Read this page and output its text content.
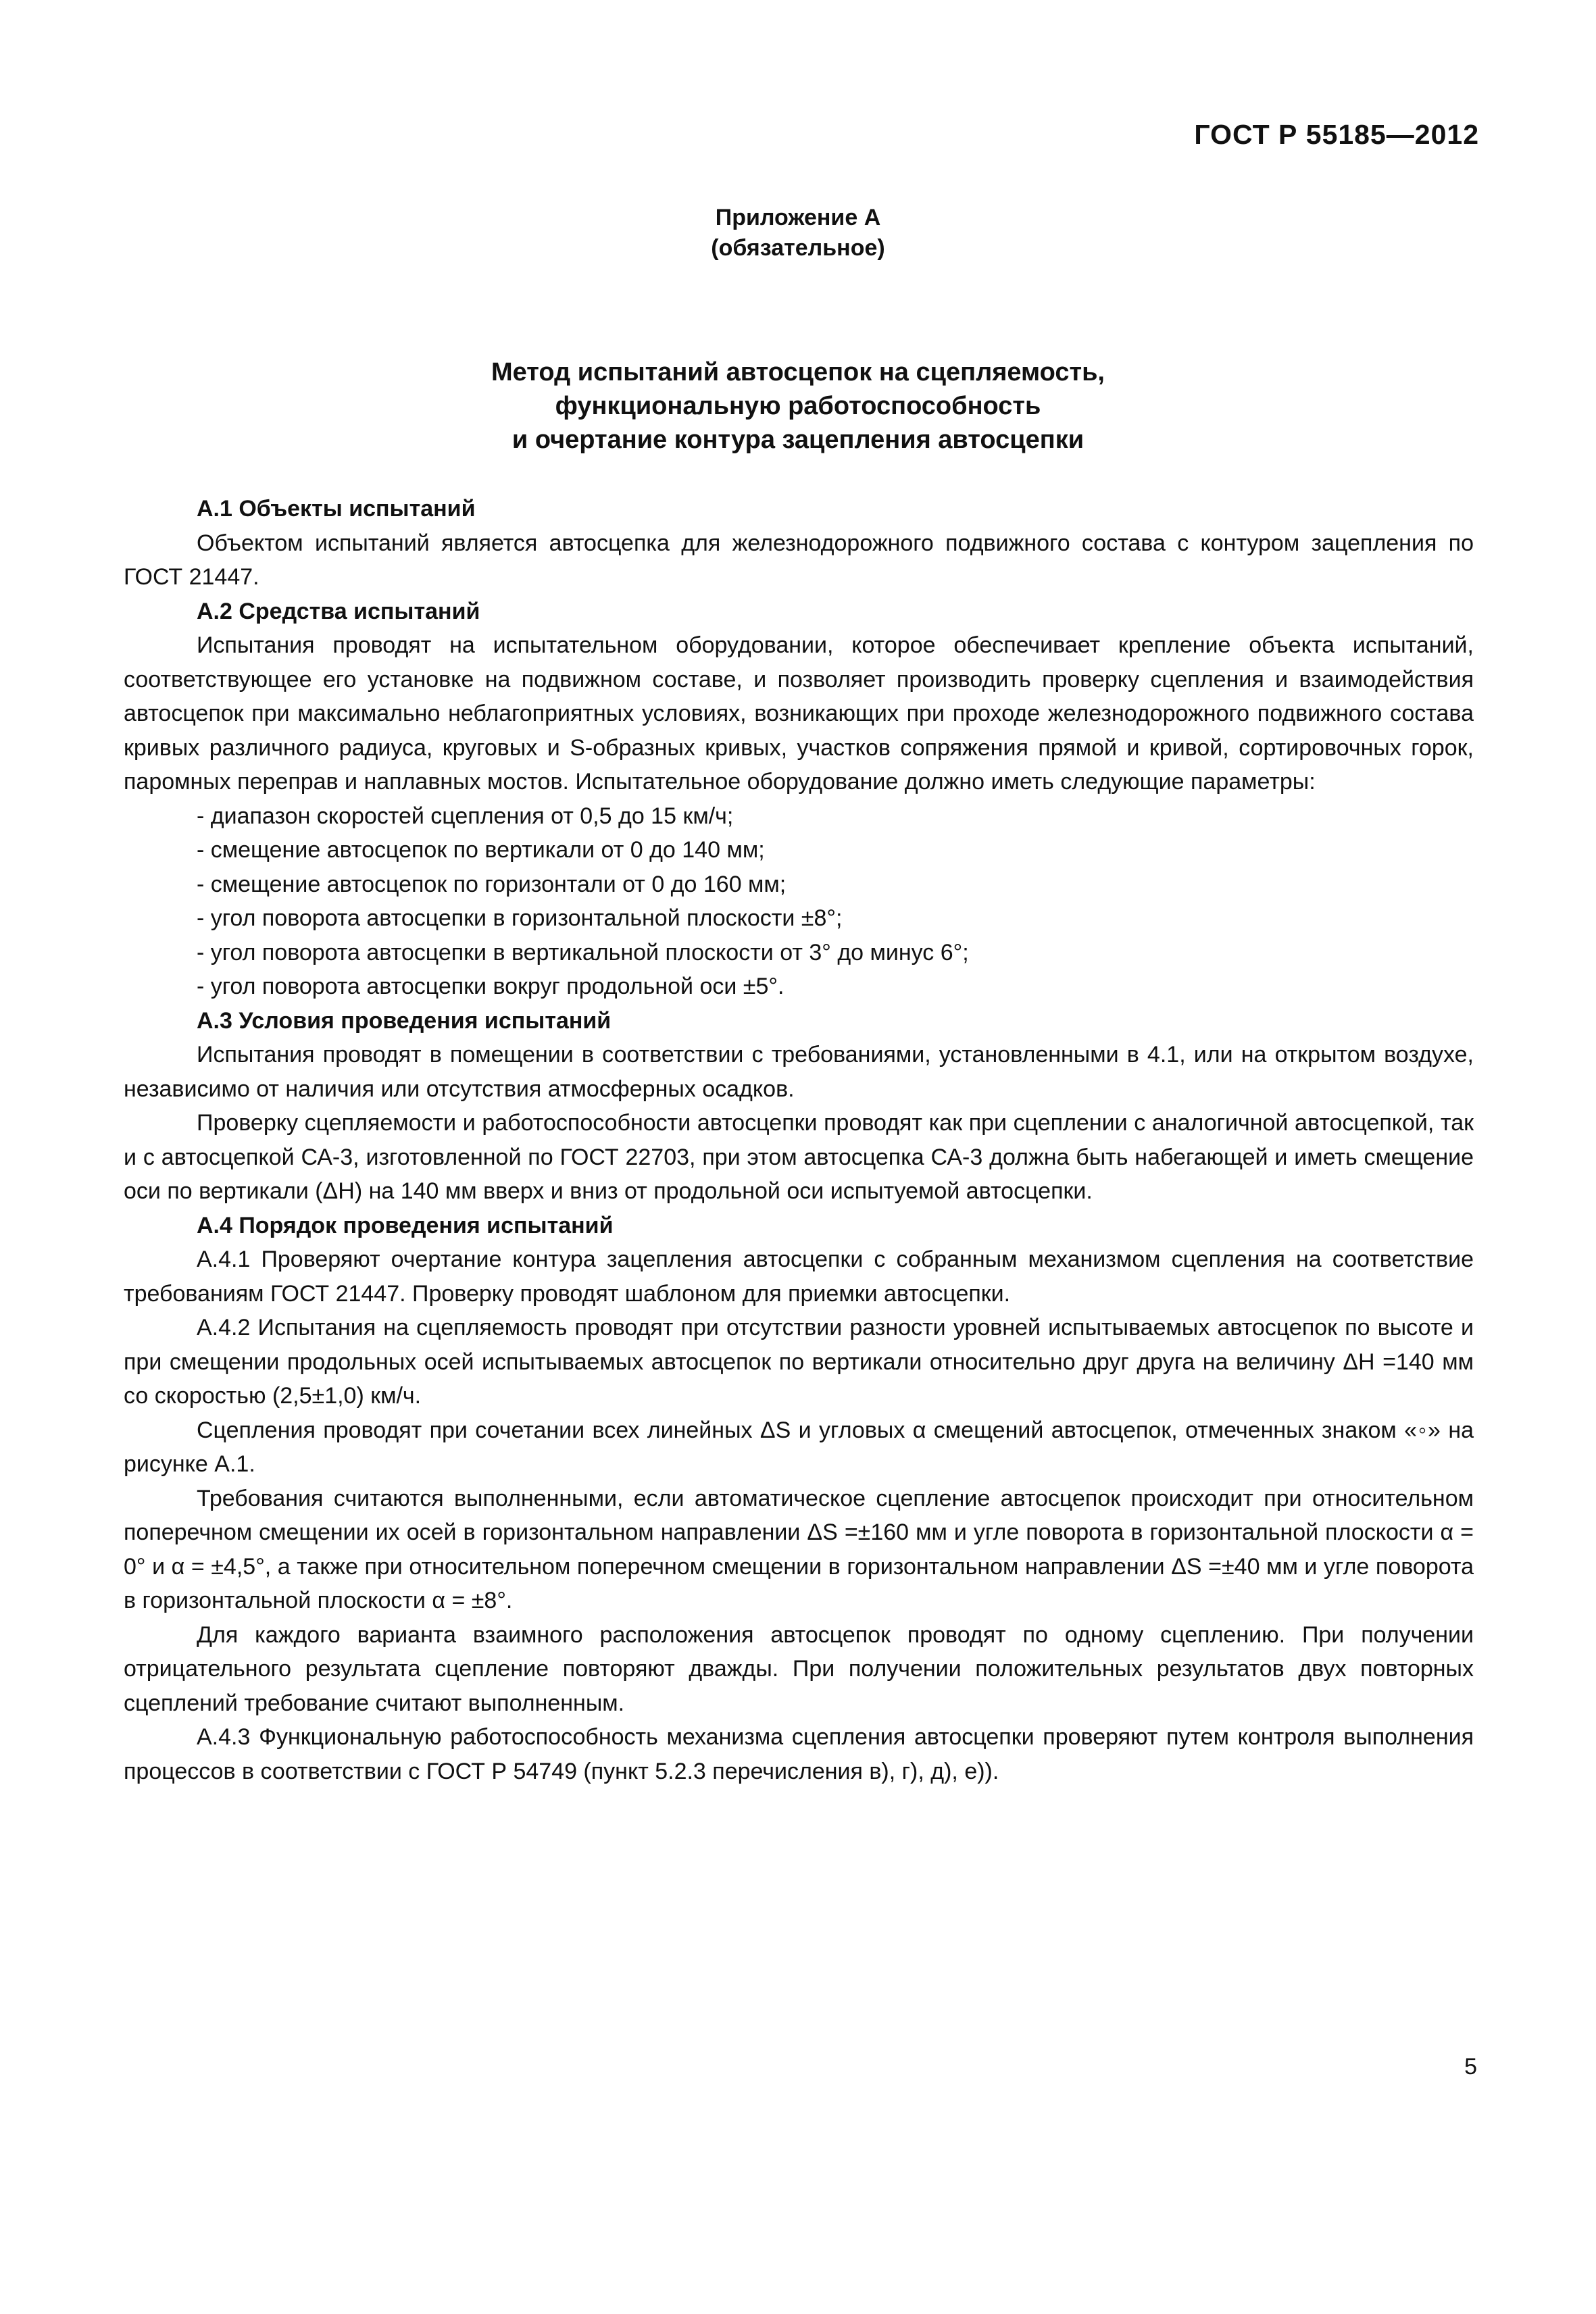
ГОСТ Р 55185—2012
Приложение А
(обязательное)
Метод испытаний автосцепок на сцепляемость,
функциональную работоспособность
и очертание контура зацепления автосцепки

А.1 Объекты испытаний

Объектом испытаний является автосцепка для железнодорожного подвижного состава с контуром зацепления по ГОСТ 21447.

А.2 Средства испытаний

Испытания проводят на испытательном оборудовании, которое обеспечивает крепление объекта испытаний, соответствующее его установке на подвижном составе, и позволяет производить проверку сцепления и взаимодействия автосцепок при максимально неблагоприятных условиях, возникающих при проходе железнодорожного подвижного состава кривых различного радиуса, круговых и S-образных кривых, участков сопряжения прямой и кривой, сортировочных горок, паромных переправ и наплавных мостов. Испытательное оборудование должно иметь следующие параметры:

- диапазон скоростей сцепления от 0,5 до 15 км/ч;

- смещение автосцепок по вертикали от 0 до 140 мм;

- смещение автосцепок по горизонтали от 0 до 160 мм;

- угол поворота автосцепки в горизонтальной плоскости ±8°;

- угол поворота автосцепки в вертикальной плоскости от 3° до минус 6°;

- угол поворота автосцепки вокруг продольной оси ±5°.

А.3 Условия проведения испытаний

Испытания проводят в помещении в соответствии с требованиями, установленными в 4.1, или на открытом воздухе, независимо от наличия или отсутствия атмосферных осадков.

Проверку сцепляемости и работоспособности автосцепки проводят как при сцеплении с аналогичной автосцепкой, так и с автосцепкой СА-3, изготовленной по ГОСТ 22703, при этом автосцепка СА-3 должна быть набегающей и иметь смещение оси по вертикали (ΔН) на 140 мм вверх и вниз от продольной оси испытуемой автосцепки.

А.4 Порядок проведения испытаний

А.4.1 Проверяют очертание контура зацепления автосцепки с собранным механизмом сцепления на соответствие требованиям ГОСТ 21447. Проверку проводят шаблоном для приемки автосцепки.

А.4.2 Испытания на сцепляемость проводят при отсутствии разности уровней испытываемых автосцепок по высоте и при смещении продольных осей испытываемых автосцепок по вертикали относительно друг друга на величину ΔН =140 мм со скоростью (2,5±1,0) км/ч.

Сцепления проводят при сочетании всех линейных ΔS и угловых α смещений автосцепок, отмеченных знаком «◦» на рисунке А.1.

Требования считаются выполненными, если автоматическое сцепление автосцепок происходит при относительном поперечном смещении их осей в горизонтальном направлении ΔS =±160 мм и угле поворота в горизонтальной плоскости α = 0° и α = ±4,5°, а также при относительном поперечном смещении в горизонтальном направлении ΔS =±40 мм и угле поворота в горизонтальной плоскости α = ±8°.

Для каждого варианта взаимного расположения автосцепок проводят по одному сцеплению. При получении отрицательного результата сцепление повторяют дважды. При получении положительных результатов двух повторных сцеплений требование считают выполненным.

А.4.3 Функциональную работоспособность механизма сцепления автосцепки проверяют путем контроля выполнения процессов в соответствии с ГОСТ Р 54749 (пункт 5.2.3 перечисления в), г), д), е)).

5
